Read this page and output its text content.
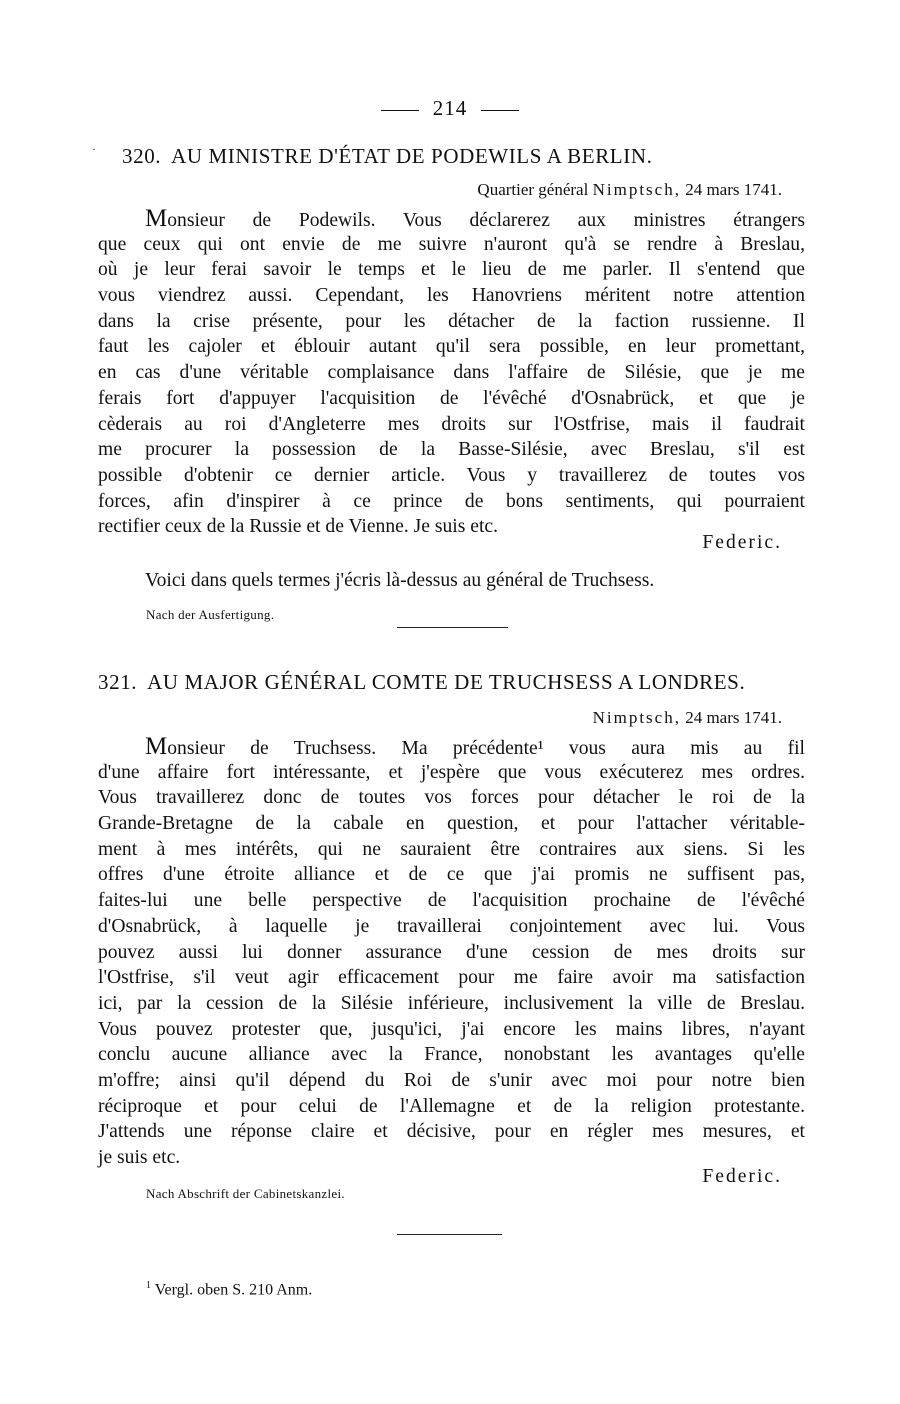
214
· 320. AU MINISTRE D'ÉTAT DE PODEWILS A BERLIN.
Quartier général Nimptsch, 24 mars 1741.
Monsieur de Podewils. Vous déclarerez aux ministres étrangers
que ceux qui ont envie de me suivre n'auront qu'à se rendre à Breslau,
où je leur ferai savoir le temps et le lieu de me parler. Il s'entend que
vous viendrez aussi. Cependant, les Hanovriens méritent notre attention
dans la crise présente, pour les détacher de la faction russienne. Il
faut les cajoler et éblouir autant qu'il sera possible, en leur promettant,
en cas d'une véritable complaisance dans l'affaire de Silésie, que je me
ferais fort d'appuyer l'acquisition de l'évêché d'Osnabrück, et que je
cèderais au roi d'Angleterre mes droits sur l'Ostfrise, mais il faudrait
me procurer la possession de la Basse-Silésie, avec Breslau, s'il est
possible d'obtenir ce dernier article. Vous y travaillerez de toutes vos
forces, afin d'inspirer à ce prince de bons sentiments, qui pourraient
rectifier ceux de la Russie et de Vienne. Je suis etc.
Federic.
Voici dans quels termes j'écris là-dessus au général de Truchsess.
Nach der Ausfertigung.
321. AU MAJOR GÉNÉRAL COMTE DE TRUCHSESS A LONDRES.
Nimptsch, 24 mars 1741.
Monsieur de Truchsess. Ma précédente¹ vous aura mis au fil
d'une affaire fort intéressante, et j'espère que vous exécuterez mes ordres.
Vous travaillerez donc de toutes vos forces pour détacher le roi de la
Grande-Bretagne de la cabale en question, et pour l'attacher véritable-
ment à mes intérêts, qui ne sauraient être contraires aux siens. Si les
offres d'une étroite alliance et de ce que j'ai promis ne suffisent pas,
faites-lui une belle perspective de l'acquisition prochaine de l'évêché
d'Osnabrück, à laquelle je travaillerai conjointement avec lui. Vous
pouvez aussi lui donner assurance d'une cession de mes droits sur
l'Ostfrise, s'il veut agir efficacement pour me faire avoir ma satisfaction
ici, par la cession de la Silésie inférieure, inclusivement la ville de Breslau.
Vous pouvez protester que, jusqu'ici, j'ai encore les mains libres, n'ayant
conclu aucune alliance avec la France, nonobstant les avantages qu'elle
m'offre; ainsi qu'il dépend du Roi de s'unir avec moi pour notre bien
réciproque et pour celui de l'Allemagne et de la religion protestante.
J'attends une réponse claire et décisive, pour en régler mes mesures, et
je suis etc.
Federic.
Nach Abschrift der Cabinetskanzlei.
$^1$ Vergl. oben S. 210 Anm.
